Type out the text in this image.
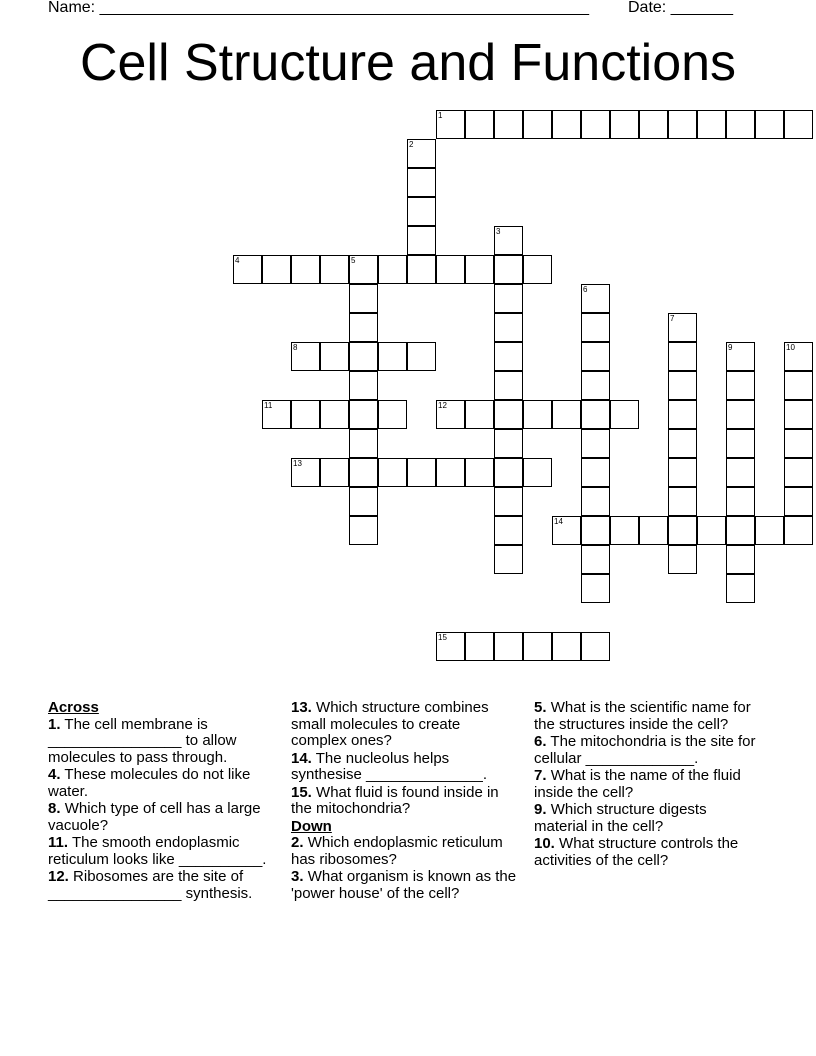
Name: _______________________________________________________ Date: _______
Cell Structure and Functions
1
2
3
4	5
6
7
8	9	10
11	12
13
14
15
Across
1. The cell membrane is ________________ to allow molecules to pass through.
4. These molecules do not like water.
8. Which type of cell has a large vacuole?
11. The smooth endoplasmic reticulum looks like __________.
12. Ribosomes are the site of ________________ synthesis.
13. Which structure combines small molecules to create complex ones?
14. The nucleolus helps synthesise ______________.
15. What fluid is found inside in the mitochondria?
Down
2. Which endoplasmic reticulum has ribosomes?
3. What organism is known as the 'power house' of the cell?
5. What is the scientific name for the structures inside the cell?
6. The mitochondria is the site for cellular _____________.
7. What is the name of the fluid inside the cell?
9. Which structure digests material in the cell?
10. What structure controls the activities of the cell?
